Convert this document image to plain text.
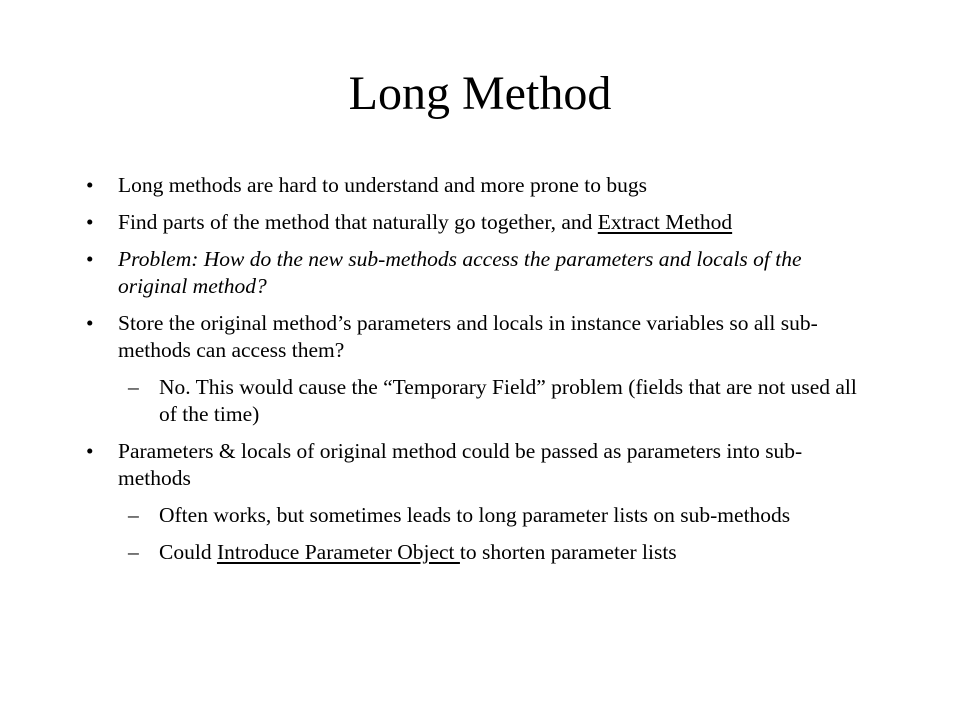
Long Method

• Long methods are hard to understand and more prone to bugs

• Find parts of the method that naturally go together, and Extract Method

• Problem: How do the new sub-methods access the parameters and locals of the original method?

• Store the original method’s parameters and locals in instance variables so all sub-methods can access them?

– No. This would cause the “Temporary Field” problem (fields that are not used all of the time)

• Parameters & locals of original method could be passed as parameters into sub-methods

– Often works, but sometimes leads to long parameter lists on sub-methods

– Could Introduce Parameter Object to shorten parameter lists
